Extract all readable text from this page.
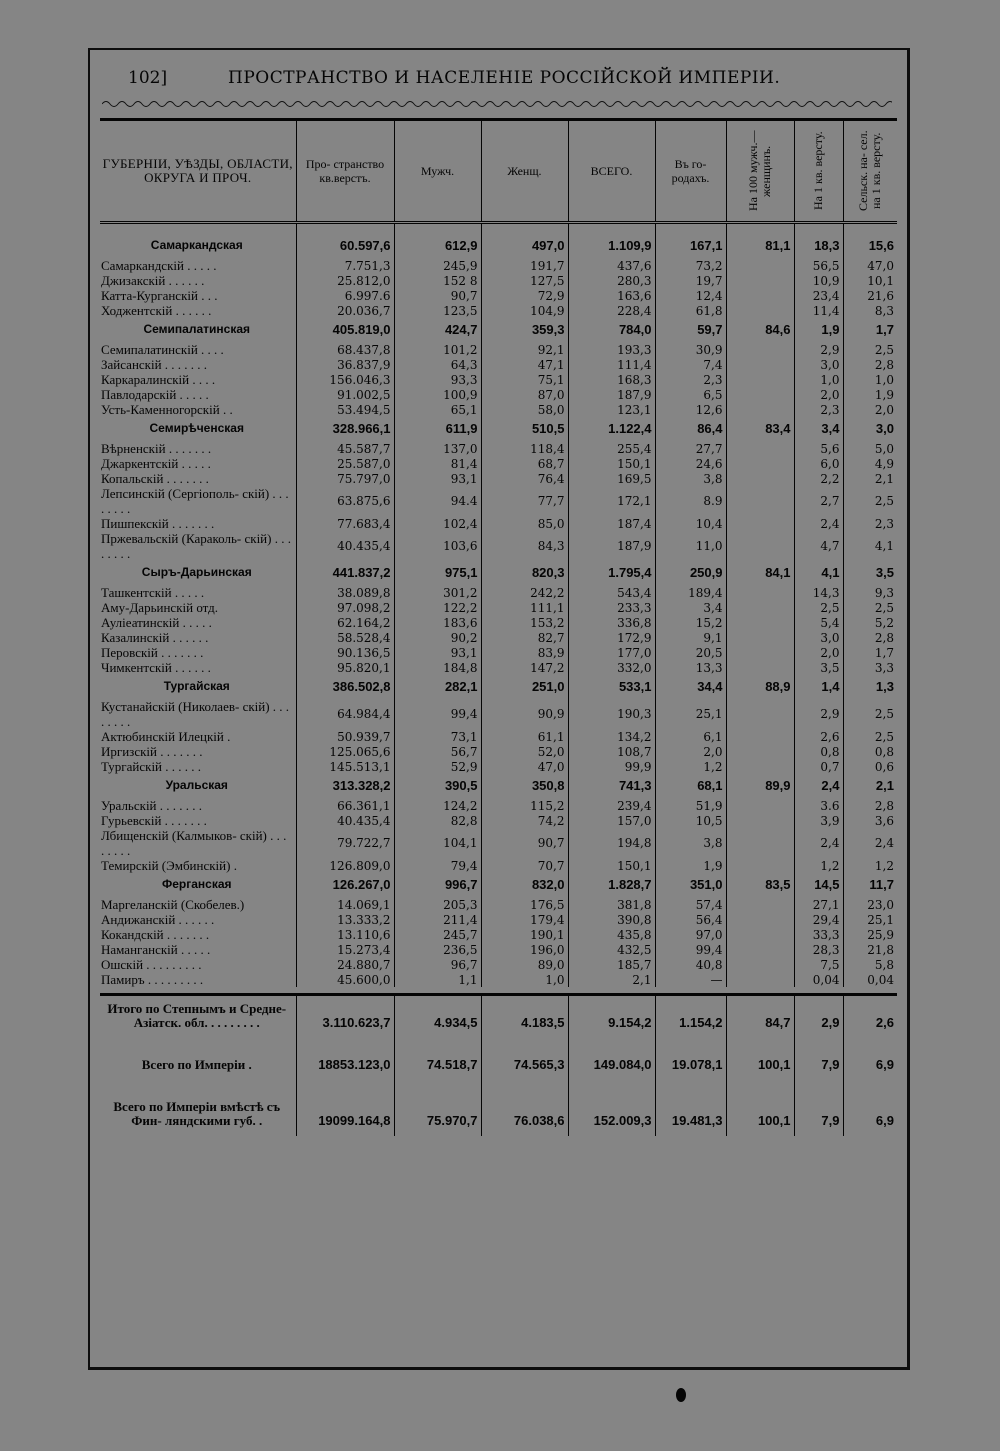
102]	ПРОСТРАНСТВО И НАСЕЛЕНІЕ РОССІЙСКОЙ ИМПЕРІИ.

ГУБЕРНІИ, УѢЗДЫ, ОБЛАСТИ, ОКРУГА И ПРОЧ.	Про- странство кв.верстъ.	Мужч.	Женщ.	ВСЕГО.	Въ го- родахъ.	На 100 мужч.— женщинъ.	На 1 кв. версту.	Сельск. на- сел. на 1 кв. версту.

Самаркандская	60.597,6	612,9	497,0	1.109,9	167,1	81,1	18,3	15,6
Самаркандскій . . . . .	7.751,3	245,9	191,7	437,6	73,2		56,5	47,0
Джизакскій . . . . . .	25.812,0	152 8	127,5	280,3	19,7		10,9	10,1
Катта-Курганскій . . .	6.997.6	90,7	72,9	163,6	12,4		23,4	21,6
Ходжентскій . . . . . .	20.036,7	123,5	104,9	228,4	61,8		11,4	8,3
Семипалатинская	405.819,0	424,7	359,3	784,0	59,7	84,6	1,9	1,7
Семипалатинскій . . . .	68.437,8	101,2	92,1	193,3	30,9		2,9	2,5
Зайсанскій . . . . . . .	36.837,9	64,3	47,1	111,4	7,4		3,0	2,8
Каркаралинскій . . . .	156.046,3	93,3	75,1	168,3	2,3		1,0	1,0
Павлодарскій . . . . .	91.002,5	100,9	87,0	187,9	6,5		2,0	1,9
Усть-Каменногорскій . .	53.494,5	65,1	58,0	123,1	12,6		2,3	2,0
Семирѣченская	328.966,1	611,9	510,5	1.122,4	86,4	83,4	3,4	3,0
Вѣрненскій . . . . . . .	45.587,7	137,0	118,4	255,4	27,7		5,6	5,0
Джаркентскій . . . . .	25.587,0	81,4	68,7	150,1	24,6		6,0	4,9
Копальскій . . . . . . .	75.797,0	93,1	76,4	169,5	3,8		2,2	2,1
Лепсинскій (Сергіополь- скій) . . . . . . . .	63.875,6	94.4	77,7	172,1	8.9		2,7	2,5
Пишпекскій . . . . . . .	77.683,4	102,4	85,0	187,4	10,4		2,4	2,3
Пржевальскій (Караколь- скій) . . . . . . . .	40.435,4	103,6	84,3	187,9	11,0		4,7	4,1
Сыръ-Дарьинская	441.837,2	975,1	820,3	1.795,4	250,9	84,1	4,1	3,5
Ташкентскій . . . . .	38.089,8	301,2	242,2	543,4	189,4		14,3	9,3
Аму-Дарьинскій отд.	97.098,2	122,2	111,1	233,3	3,4		2,5	2,5
Ауліеатинскій . . . . .	62.164,2	183,6	153,2	336,8	15,2		5,4	5,2
Казалинскій . . . . . .	58.528,4	90,2	82,7	172,9	9,1		3,0	2,8
Перовскій . . . . . . .	90.136,5	93,1	83,9	177,0	20,5		2,0	1,7
Чимкентскій . . . . . .	95.820,1	184,8	147,2	332,0	13,3		3,5	3,3
Тургайская	386.502,8	282,1	251,0	533,1	34,4	88,9	1,4	1,3
Кустанайскій (Николаев- скій) . . . . . . . .	64.984,4	99,4	90,9	190,3	25,1		2,9	2,5
Актюбинскій Илецкій .	50.939,7	73,1	61,1	134,2	6,1		2,6	2,5
Иргизскій . . . . . . .	125.065,6	56,7	52,0	108,7	2,0		0,8	0,8
Тургайскій . . . . . .	145.513,1	52,9	47,0	99,9	1,2		0,7	0,6
Уральская	313.328,2	390,5	350,8	741,3	68,1	89,9	2,4	2,1
Уральскій . . . . . . .	66.361,1	124,2	115,2	239,4	51,9		3.6	2,8
Гурьевскій . . . . . . .	40.435,4	82,8	74,2	157,0	10,5		3,9	3,6
Лбищенскій (Калмыков- скій) . . . . . . . .	79.722,7	104,1	90,7	194,8	3,8		2,4	2,4
Темирскій (Эмбинскій) .	126.809,0	79,4	70,7	150,1	1,9		1,2	1,2
Ферганская	126.267,0	996,7	832,0	1.828,7	351,0	83,5	14,5	11,7
Маргеланскій (Скобелев.)	14.069,1	205,3	176,5	381,8	57,4		27,1	23,0
Андижанскій . . . . . .	13.333,2	211,4	179,4	390,8	56,4		29,4	25,1
Кокандскій . . . . . . .	13.110,6	245,7	190,1	435,8	97,0		33,3	25,9
Наманганскій . . . . .	15.273,4	236,5	196,0	432,5	99,4		28,3	21,8
Ошскій . . . . . . . . .	24.880,7	96,7	89,0	185,7	40,8		7,5	5,8
Памиръ . . . . . . . . .	45.600,0	1,1	1,0	2,1	—		0,04	0,04

Итого по Степнымъ и Средне-Азіатск. обл. . . . . . . . .	3.110.623,7	4.934,5	4.183,5	9.154,2	1.154,2	84,7	2,9	2,6
Всего по Имперіи .	18853.123,0	74.518,7	74.565,3	149.084,0	19.078,1	100,1	7,9	6,9
Всего по Имперіи вмѣстѣ съ Фин- ляндскими губ. .	19099.164,8	75.970,7	76.038,6	152.009,3	19.481,3	100,1	7,9	6,9
